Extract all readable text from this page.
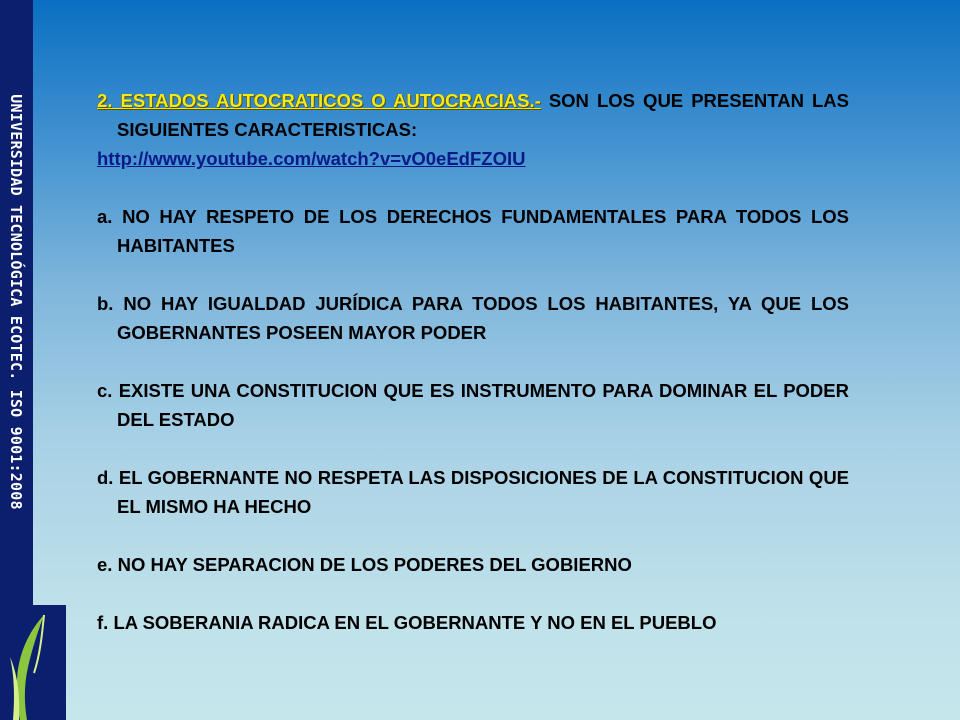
UNIVERSIDAD TECNOLÓGICA ECOTEC. ISO 9001:2008	2. ESTADOS AUTOCRATICOS O AUTOCRACIAS.- SON LOS QUE PRESENTAN LAS SIGUIENTES CARACTERISTICAS:

http://www.youtube.com/watch?v=vO0eEdFZOIU

a. NO HAY RESPETO DE LOS DERECHOS FUNDAMENTALES PARA TODOS LOS HABITANTES

b. NO HAY IGUALDAD JURÍDICA PARA TODOS LOS HABITANTES, YA QUE LOS GOBERNANTES POSEEN MAYOR PODER

c. EXISTE UNA CONSTITUCION QUE ES INSTRUMENTO PARA DOMINAR EL PODER DEL ESTADO

d. EL GOBERNANTE NO RESPETA LAS DISPOSICIONES DE LA CONSTITUCION QUE EL MISMO HA HECHO

e. NO HAY SEPARACION DE LOS PODERES DEL GOBIERNO

f. LA SOBERANIA RADICA EN EL GOBERNANTE Y NO EN EL PUEBLO
